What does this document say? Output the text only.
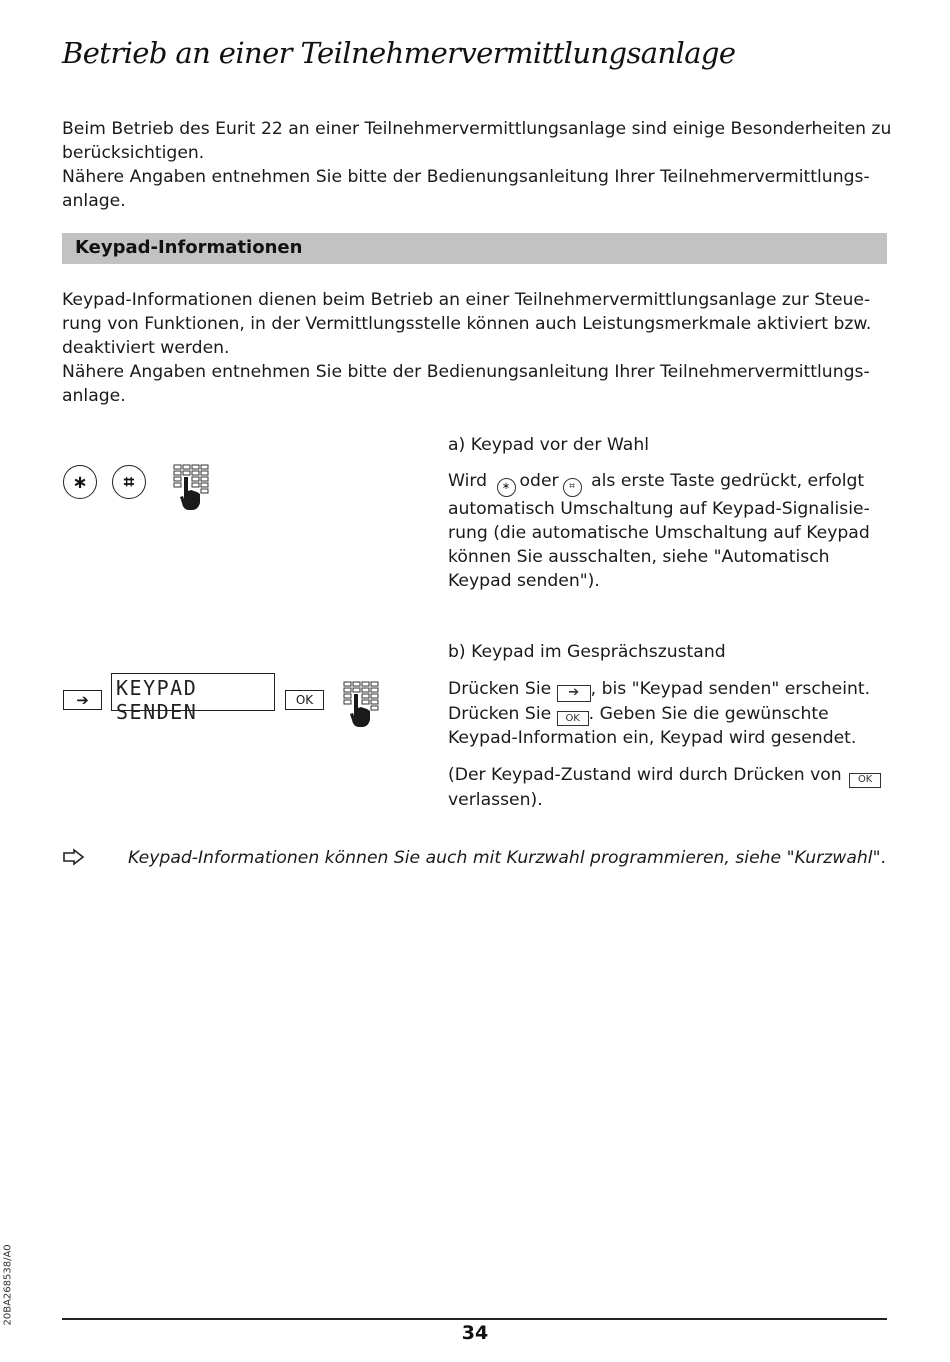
Betrieb an einer Teilnehmervermittlungsanlage
Beim Betrieb des Eurit 22 an einer Teilnehmervermittlungsanlage sind einige Besonderheiten zu
berücksichtigen.
Nähere Angaben entnehmen Sie bitte der Bedienungsanleitung Ihrer Teilnehmervermittlungs-
anlage.
Keypad-Informationen
Keypad-Informationen dienen beim Betrieb an einer Teilnehmervermittlungsanlage zur Steue-
rung von Funktionen, in der Vermittlungsstelle können auch Leistungsmerkmale aktiviert bzw.
deaktiviert werden.
Nähere Angaben entnehmen Sie bitte der Bedienungsanleitung Ihrer Teilnehmervermittlungs-
anlage.
∗	⌗
a) Keypad vor der Wahl
Wird ∗ oder ⌗ als erste Taste gedrückt, erfolgt
automatisch Umschaltung auf Keypad-Signalisie-
rung (die automatische Umschaltung auf Keypad
können Sie ausschalten, siehe "Automatisch
Keypad senden").
➔	KEYPAD SENDEN	OK
b) Keypad im Gesprächszustand
Drücken Sie ➔ , bis "Keypad senden" erscheint.
Drücken Sie OK . Geben Sie die gewünschte
Keypad-Information ein, Keypad wird gesendet.
(Der Keypad-Zustand wird durch Drücken von OK
verlassen).
Keypad-Informationen können Sie auch mit Kurzwahl programmieren, siehe "Kurzwahl".
20BA268538/A0
34
